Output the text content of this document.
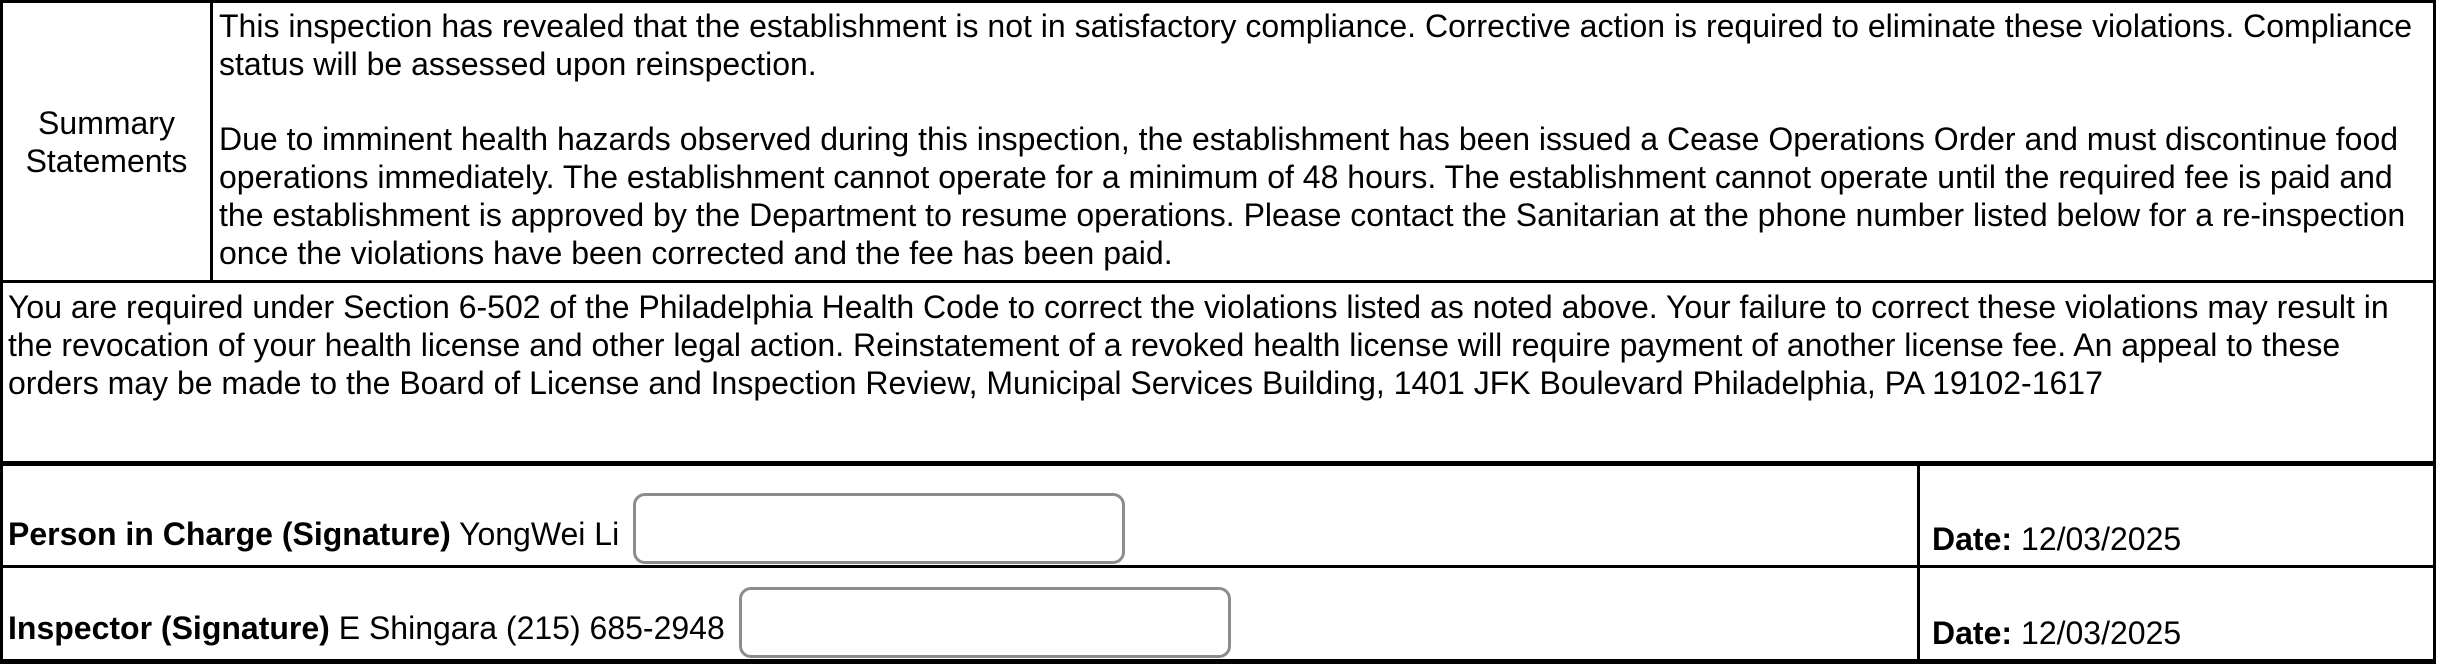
Summary Statements

This inspection has revealed that the establishment is not in satisfactory compliance. Corrective action is required to eliminate these violations. Compliance status will be assessed upon reinspection.

Due to imminent health hazards observed during this inspection, the establishment has been issued a Cease Operations Order and must discontinue food operations immediately. The establishment cannot operate for a minimum of 48 hours. The establishment cannot operate until the required fee is paid and the establishment is approved by the Department to resume operations. Please contact the Sanitarian at the phone number listed below for a re-inspection once the violations have been corrected and the fee has been paid.

You are required under Section 6-502 of the Philadelphia Health Code to correct the violations listed as noted above. Your failure to correct these violations may result in the revocation of your health license and other legal action. Reinstatement of a revoked health license will require payment of another license fee. An appeal to these orders may be made to the Board of License and Inspection Review, Municipal Services Building, 1401 JFK Boulevard Philadelphia, PA 19102-1617
Person in Charge (Signature) YongWei Li	Date: 12/03/2025
Inspector (Signature) E Shingara (215) 685-2948	Date: 12/03/2025
